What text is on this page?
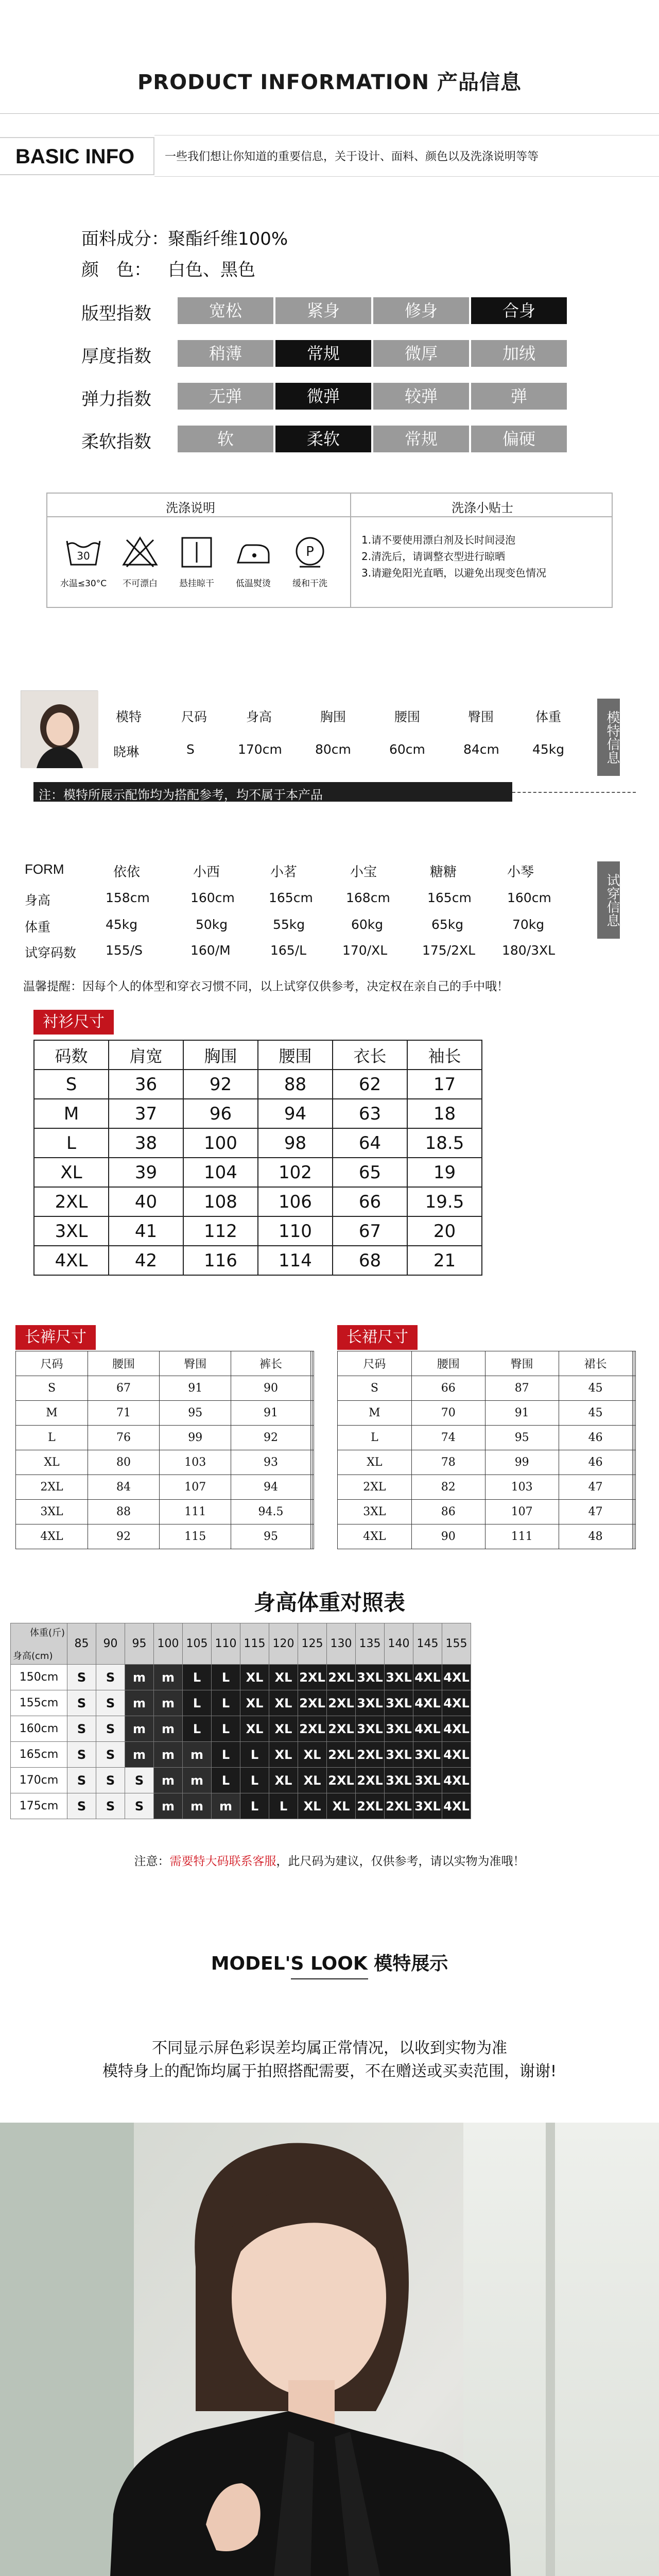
PRODUCT INFORMATION 产品信息
BASIC INFO	一些我们想让你知道的重要信息，关于设计、面料、颜色以及洗涤说明等等
面料成分：
聚酯纤维100%
颜　色： 白色、黑色
版型指数	宽松	紧身	修身	合身
厚度指数	稍薄	常规	微厚	加绒
弹力指数	无弹	微弹	较弹	弹
柔软指数	软	柔软	常规	偏硬
洗涤说明	洗涤小贴士
30	P
水温≤30°C	不可漂白	悬挂晾干	低温熨烫	缓和干洗
1.请不要使用漂白剂及长时间浸泡
2.清洗后，请调整衣型进行晾晒
3.请避免阳光直晒，以避免出现变色情况
模特	尺码	身高	胸围	腰围	臀围	体重
晓琳	S	170cm	80cm	60cm	84cm	45kg	模特信息
注：模特所展示配饰均为搭配参考，均不属于本产品
FORM	依依	小西	小茗	小宝	糖糖	小琴
身高	158cm	160cm	165cm	168cm	165cm	160cm
体重	45kg	50kg	55kg	60kg	65kg	70kg
试穿码数 155/S	160/M	165/L	170/XL	175/2XL 180/3XL
试穿信息
温馨提醒：因每个人的体型和穿衣习惯不同，以上试穿仅供参考，决定权在亲自己的手中哦！
衬衫尺寸
码数	肩宽	胸围	腰围	衣长	袖长
S	36	92	88	62	17
M	37	96	94	63	18
L	38	100	98	64	18.5
XL	39	104	102	65	19
2XL	40	108	106	66	19.5
3XL	41	112	110	67	20
4XL	42	116	114	68	21
长裤尺寸
尺码	腰围	臀围	裤长		
S	67	91	90		
M	71	95	91		
L	76	99	92		
XL	80	103	93		
2XL	84	107	94		
3XL	88	111	94.5		
4XL	92	115	95		
长裙尺寸
尺码	腰围	臀围	裙长		
S	66	87	45		
M	70	91	45		
L	74	95	46		
XL	78	99	46		
2XL	82	103	47		
3XL	86	107	47		
4XL	90	111	48		
身高体重对照表
体重(斤)
身高(cm)	85	90	95	100	105	110	115	120	125	130	135	140	145	155
150cm	S	S	m	m	L	L	XL	XL	2XL	2XL	3XL	3XL	4XL	4XL
155cm	S	S	m	m	L	L	XL	XL	2XL	2XL	3XL	3XL	4XL	4XL
160cm	S	S	m	m	L	L	XL	XL	2XL	2XL	3XL	3XL	4XL	4XL
165cm	S	S	m	m	m	L	L	XL	XL	2XL	2XL	3XL	3XL	4XL
170cm	S	S	S	m	m	L	L	XL	XL	2XL	2XL	3XL	3XL	4XL
175cm	S	S	S	m	m	m	L	L	XL	XL	2XL	2XL	3XL	4XL
注意：需要特大码联系客服，此尺码为建议，仅供参考，请以实物为准哦！
MODEL'S LOOK 模特展示
不同显示屏色彩误差均属正常情况，以收到实物为准
模特身上的配饰均属于拍照搭配需要，不在赠送或买卖范围，谢谢!
